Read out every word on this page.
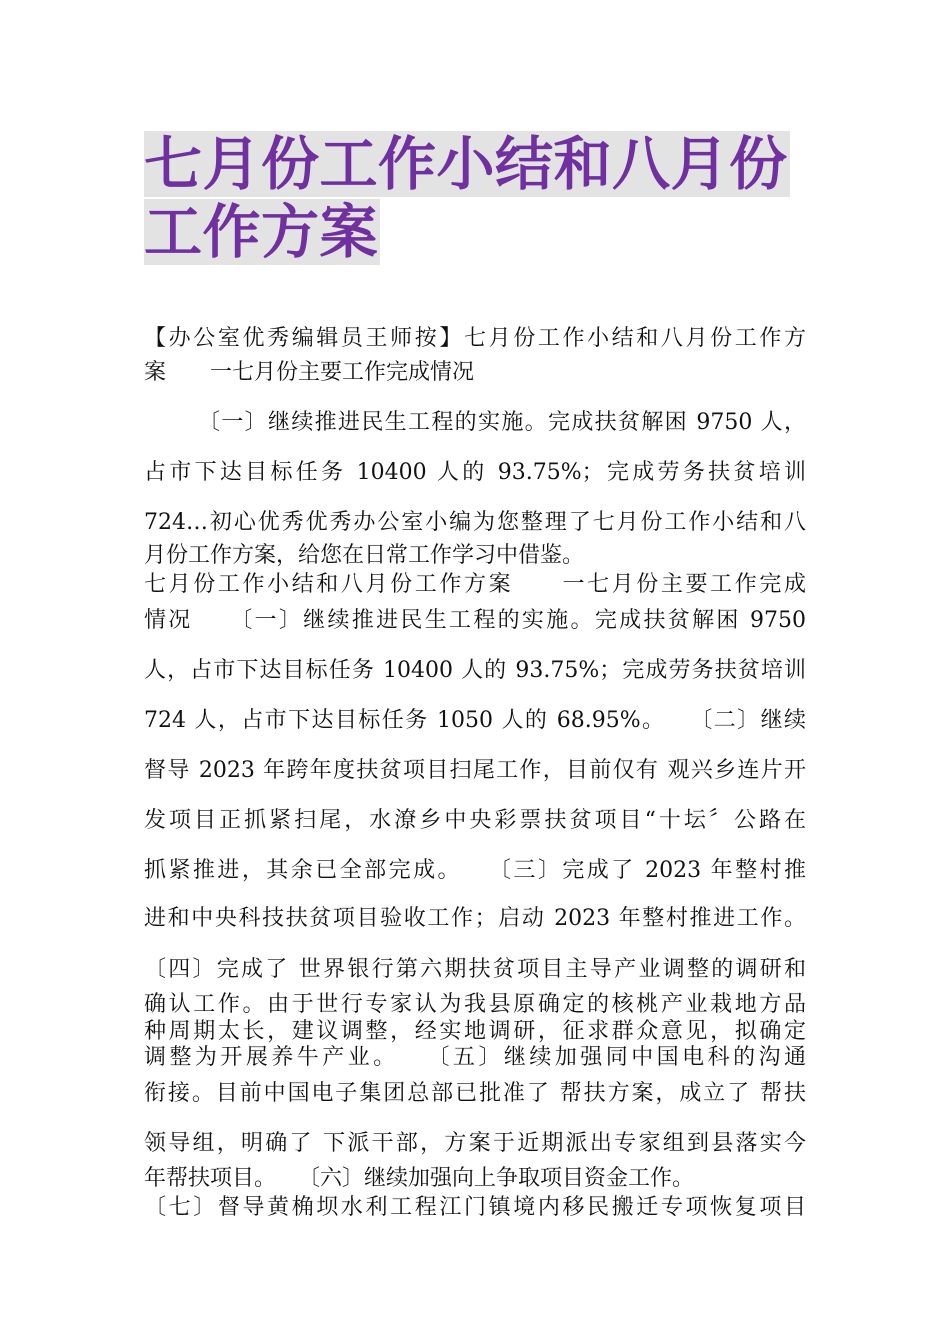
七月份工作小结和八月份
工作方案

【办公室优秀编辑员王师按】七月份工作小结和八月份工作方

案　　一七月份主要工作完成情况

〔一〕继续推进民生工程的实施。完成扶贫解困 9750 人，

占市下达目标任务 10400 人的 93.75%；完成劳务扶贫培训

724…初心优秀优秀办公室小编为您整理了七月份工作小结和八

月份工作方案，给您在日常工作学习中借鉴。

七月份工作小结和八月份工作方案　　一七月份主要工作完成

情况　　〔一〕继续推进民生工程的实施。完成扶贫解困 9750

人，占市下达目标任务 10400 人的 93.75%；完成劳务扶贫培训

724 人，占市下达目标任务 1050 人的 68.95%。　　〔二〕继续

督导 2023 年跨年度扶贫项目扫尾工作，目前仅有 观兴乡连片开

发项目正抓紧扫尾，水潦乡中央彩票扶贫项目“十坛〞公路在

抓紧推进，其余已全部完成。　　〔三〕完成了 2023 年整村推

进和中央科技扶贫项目验收工作；启动 2023 年整村推进工作。

〔四〕完成了 世界银行第六期扶贫项目主导产业调整的调研和

确认工作。由于世行专家认为我县原确定的核桃产业栽地方品

种周期太长，建议调整，经实地调研，征求群众意见，拟确定

调整为开展养牛产业。　　〔五〕继续加强同中国电科的沟通

衔接。目前中国电子集团总部已批准了 帮扶方案，成立了 帮扶

领导组，明确了 下派干部，方案于近期派出专家组到县落实今

年帮扶项目。　　〔六〕继续加强向上争取项目资金工作。

〔七〕督导黄桷坝水利工程江门镇境内移民搬迁专项恢复项目
